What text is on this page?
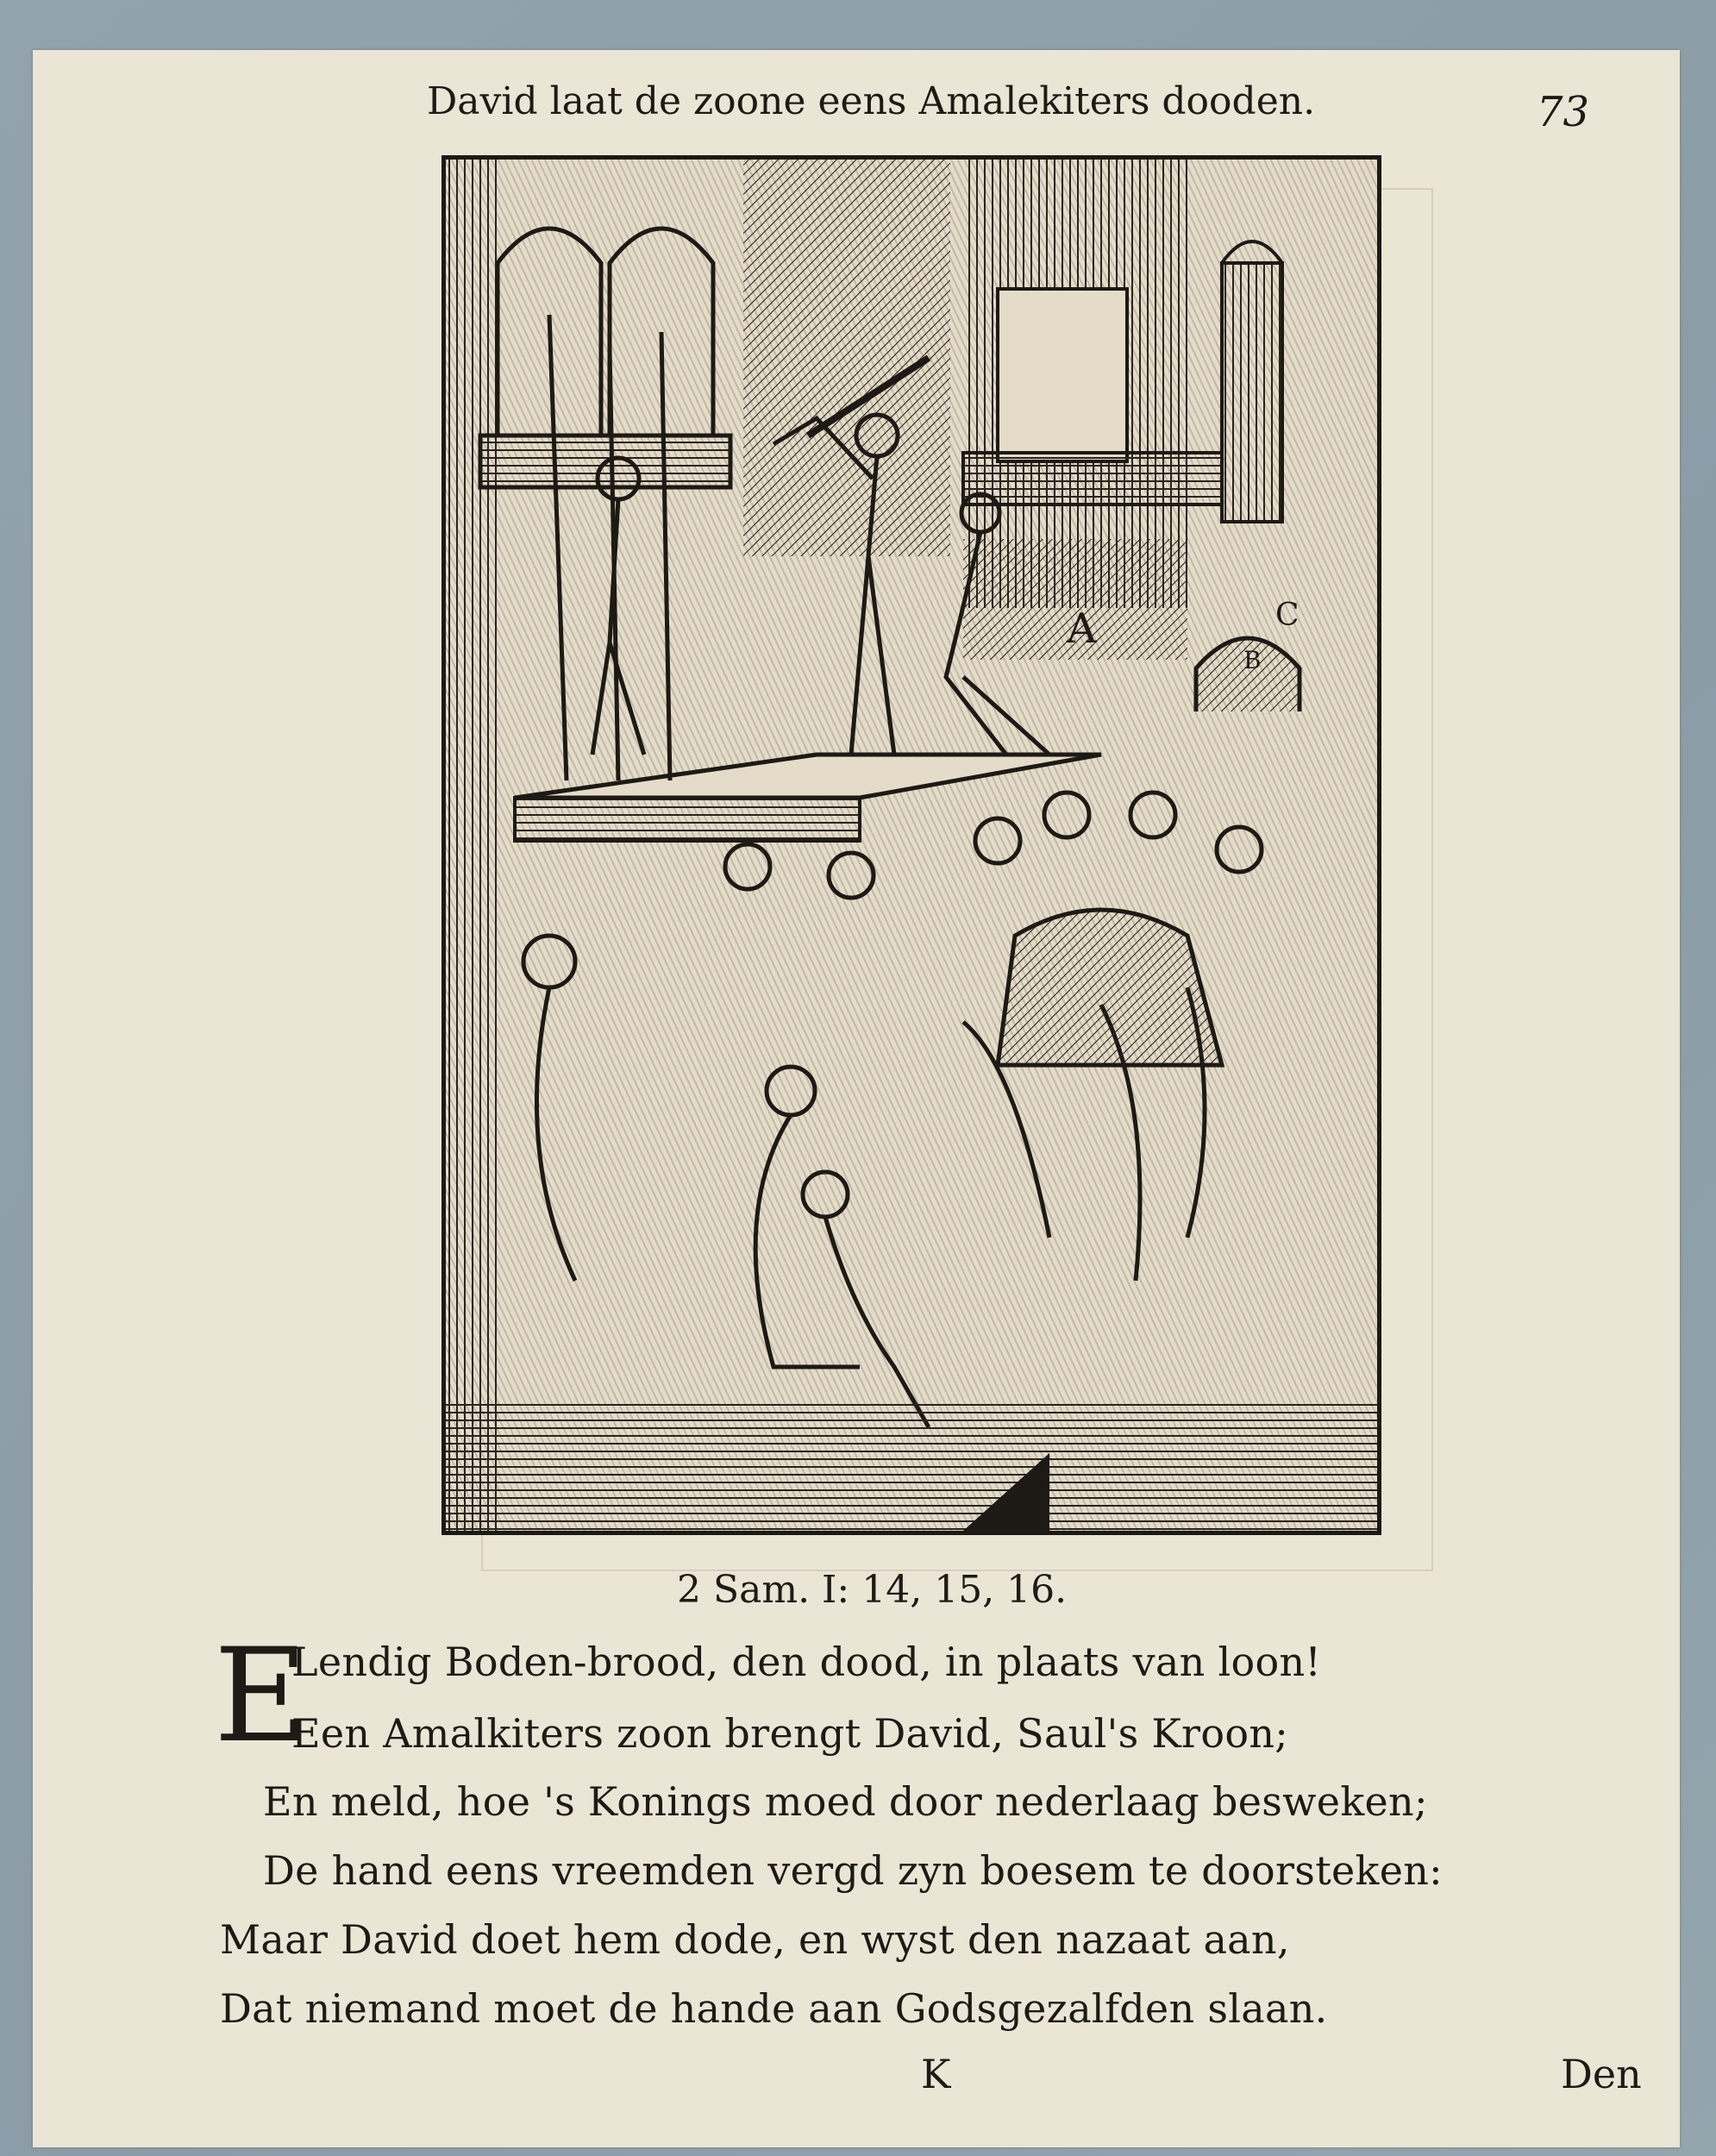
David laat de zoone eens Amalekiters dooden.	73
A
B
C
2 Sam. I: 14, 15, 16.
E
Lendig Boden-brood, den dood, in plaats van loon!
Een Amalkiters zoon brengt David, Saul's Kroon;
En meld, hoe 's Konings moed door nederlaag besweken;
De hand eens vreemden vergd zyn boesem te doorsteken:
Maar David doet hem dode, en wyst den nazaat aan,
Dat niemand moet de hande aan Godsgezalfden slaan.
K	Den
